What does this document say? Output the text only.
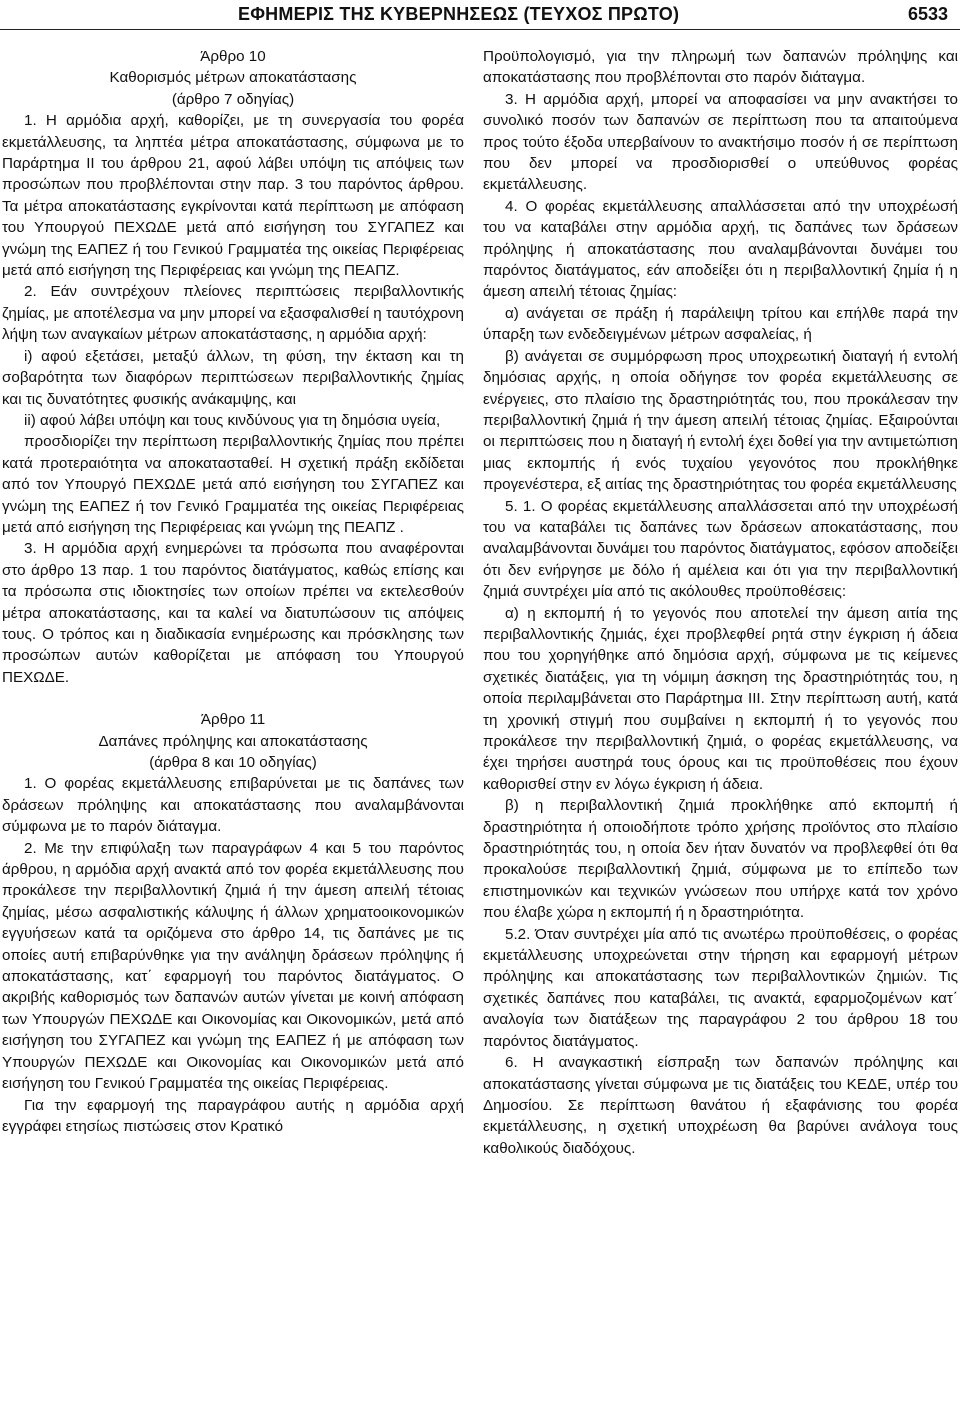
ΕΦΗΜΕΡΙΣ ΤΗΣ ΚΥΒΕΡΝΗΣΕΩΣ (ΤΕΥΧΟΣ ΠΡΩΤΟ)	6533
Άρθρο 10
Καθορισμός μέτρων αποκατάστασης
(άρθρο 7 οδηγίας)

1. Η αρμόδια αρχή, καθορίζει, με τη συνεργασία του φορέα εκμετάλλευσης, τα ληπτέα μέτρα αποκατάστασης, σύμφωνα με το Παράρτημα II του άρθρου 21, αφού λάβει υπόψη τις απόψεις των προσώπων που προβλέπονται στην παρ. 3 του παρόντος άρθρου. Τα μέτρα αποκατάστασης εγκρίνονται κατά περίπτωση με απόφαση του Υπουργού ΠΕΧΩΔΕ μετά από εισήγηση του ΣΥΓΑΠΕΖ και γνώμη της ΕΑΠΕΖ ή του Γενικού Γραμματέα της οικείας Περιφέρειας μετά από εισήγηση της Περιφέρειας και γνώμη της ΠΕΑΠΖ.

2. Εάν συντρέχουν πλείονες περιπτώσεις περιβαλλοντικής ζημίας, με αποτέλεσμα να μην μπορεί να εξασφαλισθεί η ταυτόχρονη λήψη των αναγκαίων μέτρων αποκατάστασης, η αρμόδια αρχή:

i) αφού εξετάσει, μεταξύ άλλων, τη φύση, την έκταση και τη σοβαρότητα των διαφόρων περιπτώσεων περιβαλλοντικής ζημίας και τις δυνατότητες φυσικής ανάκαμψης, και

ii) αφού λάβει υπόψη και τους κινδύνους για τη δημόσια υγεία,

προσδιορίζει την περίπτωση περιβαλλοντικής ζημίας που πρέπει κατά προτεραιότητα να αποκατασταθεί. Η σχετική πράξη εκδίδεται από τον Υπουργό ΠΕΧΩΔΕ μετά από εισήγηση του ΣΥΓΑΠΕΖ και γνώμη της ΕΑΠΕΖ ή τον Γενικό Γραμματέα της οικείας Περιφέρειας μετά από εισήγηση της Περιφέρειας και γνώμη της ΠΕΑΠΖ .

3. Η αρμόδια αρχή ενημερώνει τα πρόσωπα που αναφέρονται στο άρθρο 13 παρ. 1 του παρόντος διατάγματος, καθώς επίσης και τα πρόσωπα στις ιδιοκτησίες των οποίων πρέπει να εκτελεσθούν μέτρα αποκατάστασης, και τα καλεί να διατυπώσουν τις απόψεις τους. Ο τρόπος και η διαδικασία ενημέρωσης και πρόσκλησης των προσώπων αυτών καθορίζεται με απόφαση του Υπουργού ΠΕΧΩΔΕ.

Άρθρο 11
Δαπάνες πρόληψης και αποκατάστασης
(άρθρα 8 και 10 οδηγίας)

1. Ο φορέας εκμετάλλευσης επιβαρύνεται με τις δαπάνες των δράσεων πρόληψης και αποκατάστασης που αναλαμβάνονται σύμφωνα με το παρόν διάταγμα.

2. Με την επιφύλαξη των παραγράφων 4 και 5 του παρόντος άρθρου, η αρμόδια αρχή ανακτά από τον φορέα εκμετάλλευσης που προκάλεσε την περιβαλλοντική ζημιά ή την άμεση απειλή τέτοιας ζημίας, μέσω ασφαλιστικής κάλυψης ή άλλων χρηματοοικονομικών εγγυήσεων κατά τα οριζόμενα στο άρθρο 14, τις δαπάνες με τις οποίες αυτή επιβαρύνθηκε για την ανάληψη δράσεων πρόληψης ή αποκατάστασης, κατ΄ εφαρμογή του παρόντος διατάγματος. Ο ακριβής καθορισμός των δαπανών αυτών γίνεται με κοινή απόφαση των Υπουργών ΠΕΧΩΔΕ και Οικονομίας και Οικονομικών, μετά από εισήγηση του ΣΥΓΑΠΕΖ και γνώμη της ΕΑΠΕΖ ή με απόφαση των Υπουργών ΠΕΧΩΔΕ και Οικονομίας και Οικονομικών μετά από εισήγηση του Γενικού Γραμματέα της οικείας Περιφέρειας.

Για την εφαρμογή της παραγράφου αυτής η αρμόδια αρχή εγγράφει ετησίως πιστώσεις στον Κρατικό

Προϋπολογισμό, για την πληρωμή των δαπανών πρόληψης και αποκατάστασης που προβλέπονται στο παρόν διάταγμα.

3. Η αρμόδια αρχή, μπορεί να αποφασίσει να μην ανακτήσει το συνολικό ποσόν των δαπανών σε περίπτωση που τα απαιτούμενα προς τούτο έξοδα υπερβαίνουν το ανακτήσιμο ποσόν ή σε περίπτωση που δεν μπορεί να προσδιορισθεί ο υπεύθυνος φορέας εκμετάλλευσης.

4. Ο φορέας εκμετάλλευσης απαλλάσσεται από την υποχρέωσή του να καταβάλει στην αρμόδια αρχή, τις δαπάνες των δράσεων πρόληψης ή αποκατάστασης που αναλαμβάνονται δυνάμει του παρόντος διατάγματος, εάν αποδείξει ότι η περιβαλλοντική ζημία ή η άμεση απειλή τέτοιας ζημίας:

α) ανάγεται σε πράξη ή παράλειψη τρίτου και επήλθε παρά την ύπαρξη των ενδεδειγμένων μέτρων ασφαλείας, ή

β) ανάγεται σε συμμόρφωση προς υποχρεωτική διαταγή ή εντολή δημόσιας αρχής, η οποία οδήγησε τον φορέα εκμετάλλευσης σε ενέργειες, στο πλαίσιο της δραστηριότητάς του, που προκάλεσαν την περιβαλλοντική ζημιά ή την άμεση απειλή τέτοιας ζημίας. Εξαιρούνται οι περιπτώσεις που η διαταγή ή εντολή έχει δοθεί για την αντιμετώπιση μιας εκπομπής ή ενός τυχαίου γεγονότος που προκλήθηκε προγενέστερα, εξ αιτίας της δραστηριότητας του φορέα εκμετάλλευσης

5. 1. Ο φορέας εκμετάλλευσης απαλλάσσεται από την υποχρέωσή του να καταβάλει τις δαπάνες των δράσεων αποκατάστασης, που αναλαμβάνονται δυνάμει του παρόντος διατάγματος, εφόσον αποδείξει ότι δεν ενήργησε με δόλο ή αμέλεια και ότι για την περιβαλλοντική ζημιά συντρέχει μία από τις ακόλουθες προϋποθέσεις:

α) η εκπομπή ή το γεγονός που αποτελεί την άμεση αιτία της περιβαλλοντικής ζημιάς, έχει προβλεφθεί ρητά στην έγκριση ή άδεια που του χορηγήθηκε από δημόσια αρχή, σύμφωνα με τις κείμενες σχετικές διατάξεις, για τη νόμιμη άσκηση της δραστηριότητάς του, η οποία περιλαμβάνεται στο Παράρτημα III. Στην περίπτωση αυτή, κατά τη χρονική στιγμή που συμβαίνει η εκπομπή ή το γεγονός που προκάλεσε την περιβαλλοντική ζημιά, ο φορέας εκμετάλλευσης, να έχει τηρήσει αυστηρά τους όρους και τις προϋποθέσεις που έχουν καθορισθεί στην εν λόγω έγκριση ή άδεια.

β) η περιβαλλοντική ζημιά προκλήθηκε από εκπομπή ή δραστηριότητα ή οποιοδήποτε τρόπο χρήσης προϊόντος στο πλαίσιο δραστηριότητάς του, η οποία δεν ήταν δυνατόν να προβλεφθεί ότι θα προκαλούσε περιβαλλοντική ζημιά, σύμφωνα με το επίπεδο των επιστημονικών και τεχνικών γνώσεων που υπήρχε κατά τον χρόνο που έλαβε χώρα η εκπομπή ή η δραστηριότητα.

5.2. Όταν συντρέχει μία από τις ανωτέρω προϋποθέσεις, ο φορέας εκμετάλλευσης υποχρεώνεται στην τήρηση και εφαρμογή μέτρων πρόληψης και αποκατάστασης των περιβαλλοντικών ζημιών. Τις σχετικές δαπάνες που καταβάλει, τις ανακτά, εφαρμοζομένων κατ΄ αναλογία των διατάξεων της παραγράφου 2 του άρθρου 18 του παρόντος διατάγματος.

6. Η αναγκαστική είσπραξη των δαπανών πρόληψης και αποκατάστασης γίνεται σύμφωνα με τις διατάξεις του ΚΕΔΕ, υπέρ του Δημοσίου. Σε περίπτωση θανάτου ή εξαφάνισης του φορέα εκμετάλλευσης, η σχετική υποχρέωση θα βαρύνει ανάλογα τους καθολικούς διαδόχους.
